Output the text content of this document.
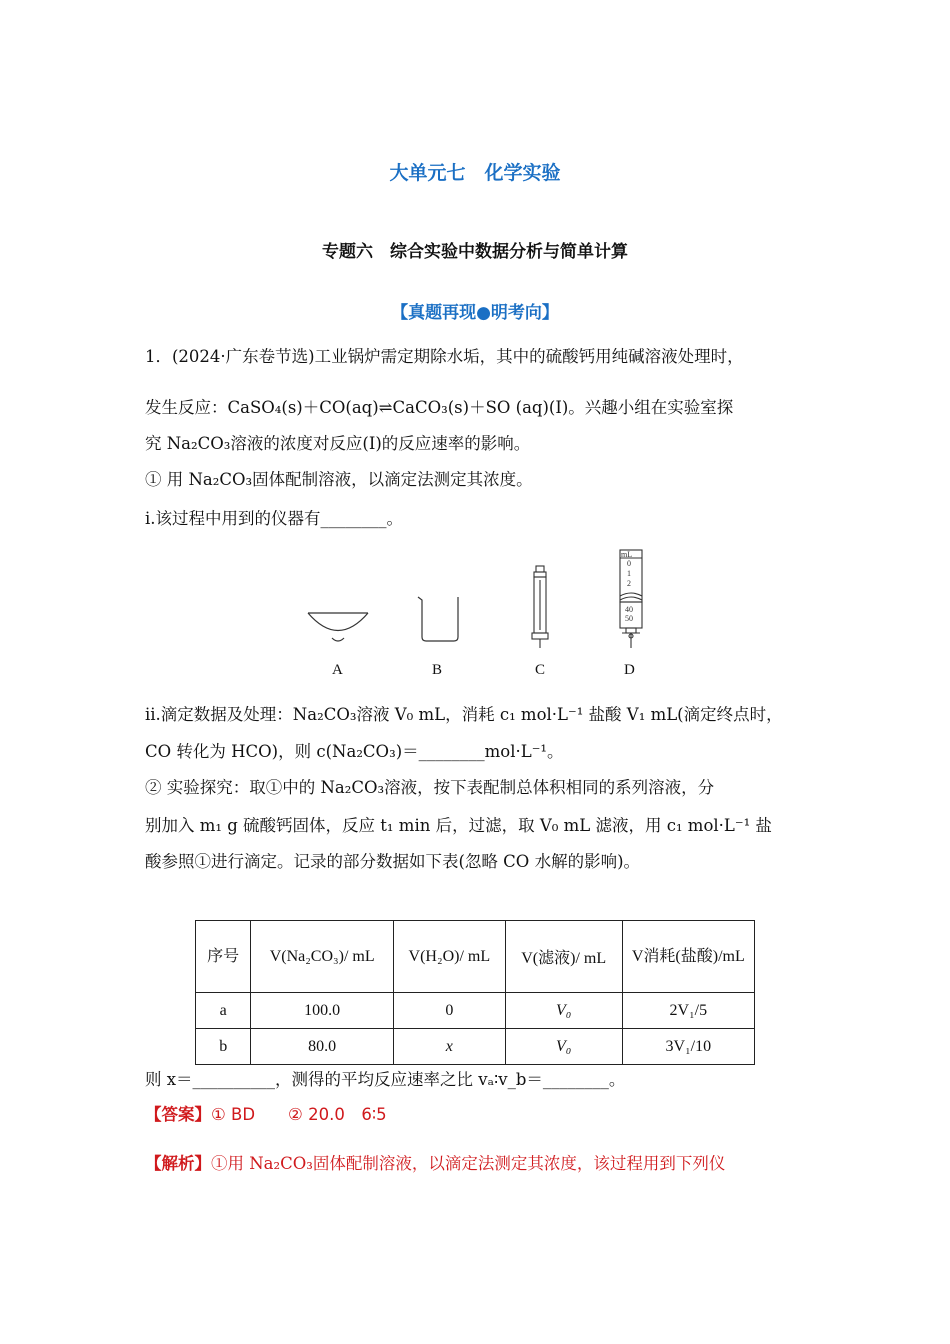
大单元七　化学实验
专题六　综合实验中数据分析与简单计算
【真题再现●明考向】
1．(2024·广东卷节选)工业锅炉需定期除水垢，其中的硫酸钙用纯碱溶液处理时，
发生反应：CaSO₄(s)＋CO(aq)⇌CaCO₃(s)＋SO (aq)(Ⅰ)。兴趣小组在实验室探
究 Na₂CO₃溶液的浓度对反应(Ⅰ)的反应速率的影响。
① 用 Na₂CO₃固体配制溶液，以滴定法测定其浓度。
ⅰ.该过程中用到的仪器有________。
mL
0
1
2
40
50
A	B	C	D
ⅱ.滴定数据及处理：Na₂CO₃溶液 V₀ mL，消耗 c₁ mol·L⁻¹ 盐酸 V₁ mL(滴定终点时，
CO 转化为 HCO)，则 c(Na₂CO₃)＝________mol·L⁻¹。
② 实验探究：取①中的 Na₂CO₃溶液，按下表配制总体积相同的系列溶液，分
别加入 m₁ g 硫酸钙固体，反应 t₁ min 后，过滤，取 V₀ mL 滤液，用 c₁ mol·L⁻¹ 盐
酸参照①进行滴定。记录的部分数据如下表(忽略 CO 水解的影响)。
序号	V(Na₂CO₃)/ mL	V(H₂O)/ mL	V(滤液)/ mL	V消耗(盐酸)/mL
a	100.0	0	V₀	2V₁/5
b	80.0	x	V₀	3V₁/10
则 x＝__________，测得的平均反应速率之比 vₐ∶v_b＝________。
【答案】① BD　　② 20.0　6∶5
【解析】①用 Na₂CO₃固体配制溶液，以滴定法测定其浓度，该过程用到下列仪
